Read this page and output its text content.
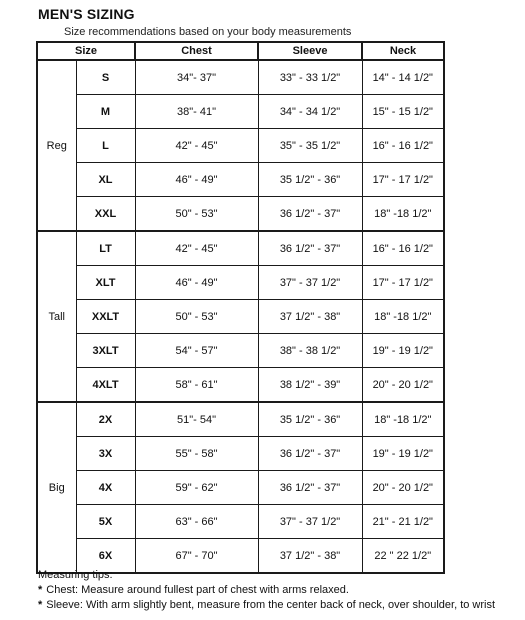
MEN'S SIZING
Size recommendations based on your body measurements
Size		Chest	Sleeve	Neck
Reg	S	34"- 37"	33" - 33 1/2"	14" - 14 1/2"
	M	38"- 41"	34" - 34 1/2"	15" - 15 1/2"
	L	42" - 45"	35" - 35 1/2"	16" - 16 1/2"
	XL	46" - 49"	35 1/2" - 36"	17" - 17 1/2"
	XXL	50" - 53"	36 1/2" - 37"	18" -18 1/2"
Tall	LT	42" - 45"	36 1/2" - 37"	16" - 16 1/2"
	XLT	46" - 49"	37" - 37 1/2"	17" - 17 1/2"
	XXLT	50" - 53"	37 1/2" - 38"	18" -18 1/2"
	3XLT	54" - 57"	38" - 38 1/2"	19" - 19 1/2"
	4XLT	58" - 61"	38 1/2" - 39"	20" - 20 1/2"
Big	2X	51"- 54"	35 1/2" - 36"	18" -18 1/2"
	3X	55" - 58"	36 1/2" - 37"	19" - 19 1/2"
	4X	59" - 62"	36 1/2" - 37"	20" - 20 1/2"
	5X	63" - 66"	37" - 37 1/2"	21" - 21 1/2"
	6X	67" - 70"	37 1/2" - 38"	22 " 22 1/2"
Measuring tips:
* Chest: Measure around fullest part of chest with arms relaxed.
* Sleeve: With arm slightly bent, measure from the center back of neck, over shoulder, to wrist
